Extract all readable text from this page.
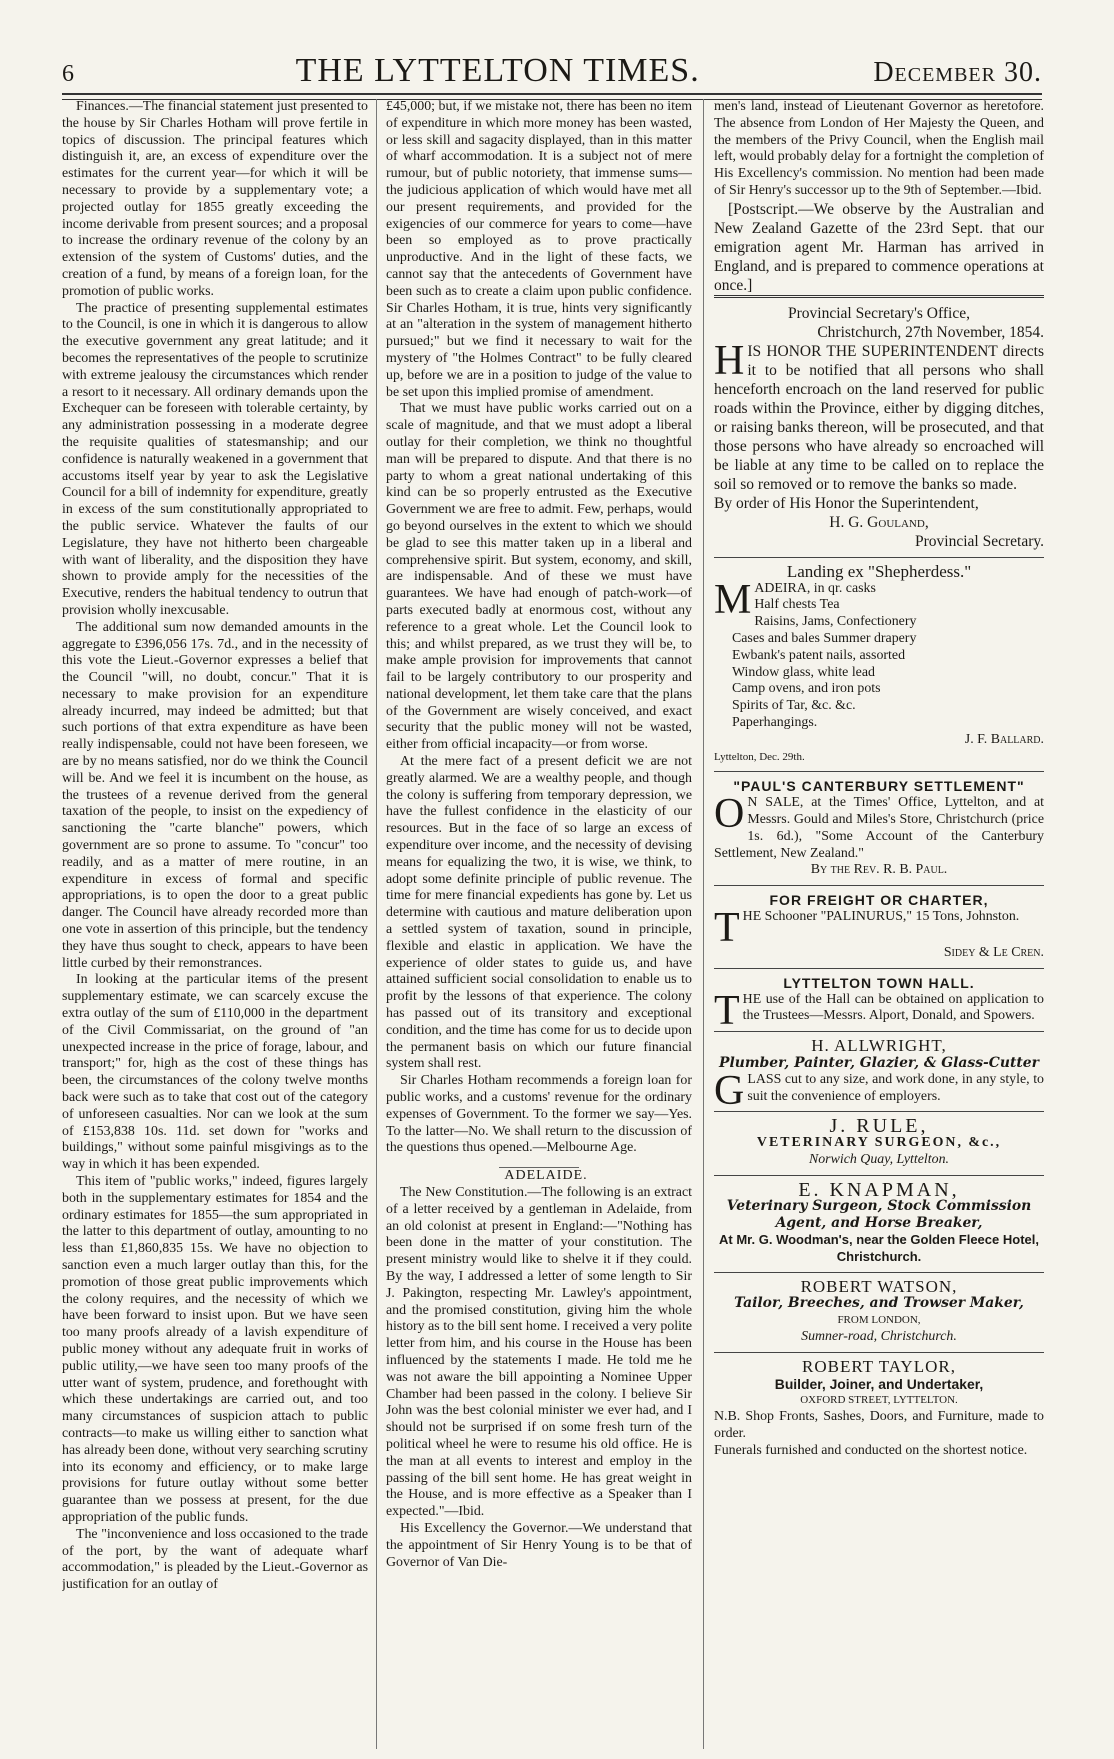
6	THE LYTTELTON TIMES.	December 30.

Finances.—The financial statement just presented to the house by Sir Charles Hotham will prove fertile in topics of discussion. The principal features which distinguish it, are, an excess of expenditure over the estimates for the current year—for which it will be necessary to provide by a supplementary vote; a projected outlay for 1855 greatly exceeding the income derivable from present sources; and a proposal to increase the ordinary revenue of the colony by an extension of the system of Customs' duties, and the creation of a fund, by means of a foreign loan, for the promotion of public works.

The practice of presenting supplemental estimates to the Council, is one in which it is dangerous to allow the executive government any great latitude; and it becomes the representatives of the people to scrutinize with extreme jealousy the circumstances which render a resort to it necessary. All ordinary demands upon the Exchequer can be foreseen with tolerable certainty, by any administration possessing in a moderate degree the requisite qualities of statesmanship; and our confidence is naturally weakened in a government that accustoms itself year by year to ask the Legislative Council for a bill of indemnity for expenditure, greatly in excess of the sum constitutionally appropriated to the public service. Whatever the faults of our Legislature, they have not hitherto been chargeable with want of liberality, and the disposition they have shown to provide amply for the necessities of the Executive, renders the habitual tendency to outrun that provision wholly inexcusable.

The additional sum now demanded amounts in the aggregate to £396,056 17s. 7d., and in the necessity of this vote the Lieut.-Governor expresses a belief that the Council "will, no doubt, concur." That it is necessary to make provision for an expenditure already incurred, may indeed be admitted; but that such portions of that extra expenditure as have been really indispensable, could not have been foreseen, we are by no means satisfied, nor do we think the Council will be. And we feel it is incumbent on the house, as the trustees of a revenue derived from the general taxation of the people, to insist on the expediency of sanctioning the "carte blanche" powers, which government are so prone to assume. To "concur" too readily, and as a matter of mere routine, in an expenditure in excess of formal and specific appropriations, is to open the door to a great public danger. The Council have already recorded more than one vote in assertion of this principle, but the tendency they have thus sought to check, appears to have been little curbed by their remonstrances.

In looking at the particular items of the present supplementary estimate, we can scarcely excuse the extra outlay of the sum of £110,000 in the department of the Civil Commissariat, on the ground of "an unexpected increase in the price of forage, labour, and transport;" for, high as the cost of these things has been, the circumstances of the colony twelve months back were such as to take that cost out of the category of unforeseen casualties. Nor can we look at the sum of £153,838 10s. 11d. set down for "works and buildings," without some painful misgivings as to the way in which it has been expended.

This item of "public works," indeed, figures largely both in the supplementary estimates for 1854 and the ordinary estimates for 1855—the sum appropriated in the latter to this department of outlay, amounting to no less than £1,860,835 15s. We have no objection to sanction even a much larger outlay than this, for the promotion of those great public improvements which the colony requires, and the necessity of which we have been forward to insist upon. But we have seen too many proofs already of a lavish expenditure of public money without any adequate fruit in works of public utility,—we have seen too many proofs of the utter want of system, prudence, and forethought with which these undertakings are carried out, and too many circumstances of suspicion attach to public contracts—to make us willing either to sanction what has already been done, without very searching scrutiny into its economy and efficiency, or to make large provisions for future outlay without some better guarantee than we possess at present, for the due appropriation of the public funds.

The "inconvenience and loss occasioned to the trade of the port, by the want of adequate wharf accommodation," is pleaded by the Lieut.-Governor as justification for an outlay of

£45,000; but, if we mistake not, there has been no item of expenditure in which more money has been wasted, or less skill and sagacity displayed, than in this matter of wharf accommodation. It is a subject not of mere rumour, but of public notoriety, that immense sums—the judicious application of which would have met all our present requirements, and provided for the exigencies of our commerce for years to come—have been so employed as to prove practically unproductive. And in the light of these facts, we cannot say that the antecedents of Government have been such as to create a claim upon public confidence. Sir Charles Hotham, it is true, hints very significantly at an "alteration in the system of management hitherto pursued;" but we find it necessary to wait for the mystery of "the Holmes Contract" to be fully cleared up, before we are in a position to judge of the value to be set upon this implied promise of amendment.

That we must have public works carried out on a scale of magnitude, and that we must adopt a liberal outlay for their completion, we think no thoughtful man will be prepared to dispute. And that there is no party to whom a great national undertaking of this kind can be so properly entrusted as the Executive Government we are free to admit. Few, perhaps, would go beyond ourselves in the extent to which we should be glad to see this matter taken up in a liberal and comprehensive spirit. But system, economy, and skill, are indispensable. And of these we must have guarantees. We have had enough of patch-work—of parts executed badly at enormous cost, without any reference to a great whole. Let the Council look to this; and whilst prepared, as we trust they will be, to make ample provision for improvements that cannot fail to be largely contributory to our prosperity and national development, let them take care that the plans of the Government are wisely conceived, and exact security that the public money will not be wasted, either from official incapacity—or from worse.

At the mere fact of a present deficit we are not greatly alarmed. We are a wealthy people, and though the colony is suffering from temporary depression, we have the fullest confidence in the elasticity of our resources. But in the face of so large an excess of expenditure over income, and the necessity of devising means for equalizing the two, it is wise, we think, to adopt some definite principle of public revenue. The time for mere financial expedients has gone by. Let us determine with cautious and mature deliberation upon a settled system of taxation, sound in principle, flexible and elastic in application. We have the experience of older states to guide us, and have attained sufficient social consolidation to enable us to profit by the lessons of that experience. The colony has passed out of its transitory and exceptional condition, and the time has come for us to decide upon the permanent basis on which our future financial system shall rest.

Sir Charles Hotham recommends a foreign loan for public works, and a customs' revenue for the ordinary expenses of Government. To the former we say—Yes. To the latter—No. We shall return to the discussion of the questions thus opened.—Melbourne Age.

ADELAIDE.

The New Constitution.—The following is an extract of a letter received by a gentleman in Adelaide, from an old colonist at present in England:—"Nothing has been done in the matter of your constitution. The present ministry would like to shelve it if they could. By the way, I addressed a letter of some length to Sir J. Pakington, respecting Mr. Lawley's appointment, and the promised constitution, giving him the whole history as to the bill sent home. I received a very polite letter from him, and his course in the House has been influenced by the statements I made. He told me he was not aware the bill appointing a Nominee Upper Chamber had been passed in the colony. I believe Sir John was the best colonial minister we ever had, and I should not be surprised if on some fresh turn of the political wheel he were to resume his old office. He is the man at all events to interest and employ in the passing of the bill sent home. He has great weight in the House, and is more effective as a Speaker than I expected."—Ibid.

His Excellency the Governor.—We understand that the appointment of Sir Henry Young is to be that of Governor of Van Die-

men's land, instead of Lieutenant Governor as heretofore. The absence from London of Her Majesty the Queen, and the members of the Privy Council, when the English mail left, would probably delay for a fortnight the completion of His Excellency's commission. No mention had been made of Sir Henry's successor up to the 9th of September.—Ibid.

[Postscript.—We observe by the Australian and New Zealand Gazette of the 23rd Sept. that our emigration agent Mr. Harman has arrived in England, and is prepared to commence operations at once.]

Provincial Secretary's Office,

Christchurch, 27th November, 1854.

HIS HONOR THE SUPERINTENDENT directs it to be notified that all persons who shall henceforth encroach on the land reserved for public roads within the Province, either by digging ditches, or raising banks thereon, will be prosecuted, and that those persons who have already so encroached will be liable at any time to be called on to replace the soil so removed or to remove the banks so made.

By order of His Honor the Superintendent,

H. G. Gouland,

Provincial Secretary.

Landing ex "Shepherdess."

MADEIRA, in qr. casks

Half chests Tea

Raisins, Jams, Confectionery

Cases and bales Summer drapery

Ewbank's patent nails, assorted

Window glass, white lead

Camp ovens, and iron pots

Spirits of Tar, &c. &c.

Paperhangings.

J. F. Ballard.

Lyttelton, Dec. 29th.

"PAUL'S CANTERBURY SETTLEMENT"

O N SALE, at the Times' Office, Lyttelton, and at Messrs. Gould and Miles's Store, Christchurch (price 1s. 6d.), "Some Account of the Canterbury Settlement, New Zealand."

By the Rev. R. B. Paul.

FOR FREIGHT OR CHARTER,

THE Schooner "PALINURUS," 15 Tons, Johnston.

Sidey & Le Cren.

LYTTELTON TOWN HALL.

THE use of the Hall can be obtained on application to the Trustees—Messrs. Alport, Donald, and Spowers.

H. ALLWRIGHT,

Plumber, Painter, Glazier, & Glass-Cutter

GLASS cut to any size, and work done, in any style, to suit the convenience of employers.

J. RULE,

VETERINARY SURGEON, &c.,

Norwich Quay, Lyttelton.

E. KNAPMAN,

Veterinary Surgeon, Stock Commission Agent, and Horse Breaker,

At Mr. G. Woodman's, near the Golden Fleece Hotel, Christchurch.

ROBERT WATSON,

Tailor, Breeches, and Trowser Maker,

FROM LONDON,

Sumner-road, Christchurch.

ROBERT TAYLOR,

Builder, Joiner, and Undertaker,

OXFORD STREET, LYTTELTON.

N.B. Shop Fronts, Sashes, Doors, and Furniture, made to order.

Funerals furnished and conducted on the shortest notice.
